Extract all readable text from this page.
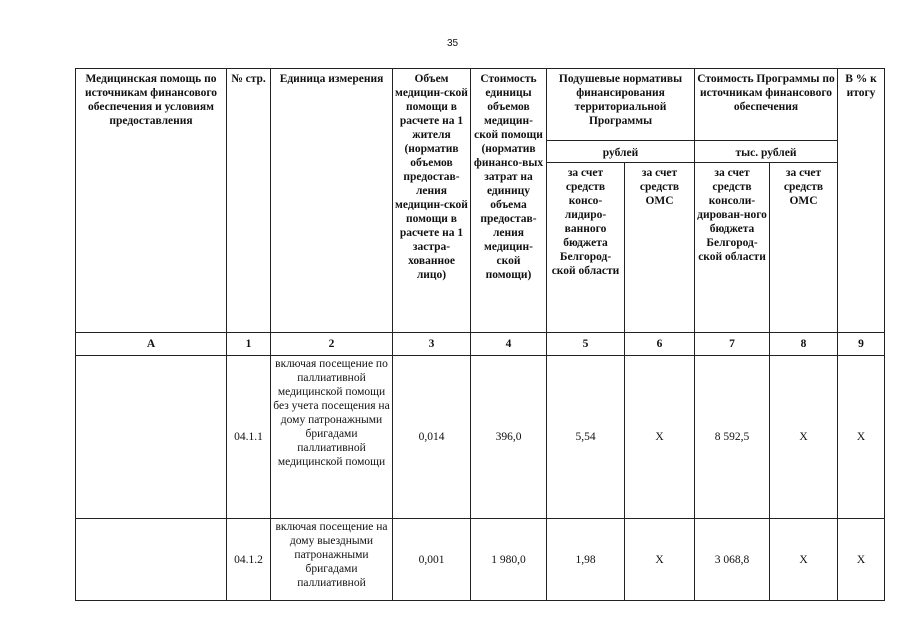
35
Медицинская помощь по источникам финансового обеспечения и условиям предоставления	№ стр.	Единица измерения	Объем медицин-ской помощи в расчете на 1 жителя (норматив объемов предостав-ления медицин-ской помощи в расчете на 1 застра-хованное лицо)	Стоимость единицы объемов медицин-ской помощи (норматив финансо-вых затрат на единицу объема предостав-ления медицин-ской помощи)	Подушевые нормативы финансирования территориальной Программы		Стоимость Программы по источникам финансового обеспечения		В % к итогу
					рублей		тыс. рублей		
					за счет средств консо-лидиро-ванного бюджета Белгород-ской области	за счет средств ОМС	за счет средств консоли-дирован-ного бюджета Белгород-ской области	за счет средств ОМС	
А	1	2	3	4	5	6	7	8	9
	04.1.1	включая посещение по паллиативной медицинской помощи без учета посещения на дому патронажными бригадами паллиативной медицинской помощи	0,014	396,0	5,54	X	8 592,5	X	X
	04.1.2	включая посещение на дому выездными патронажными бригадами паллиативной	0,001	1 980,0	1,98	X	3 068,8	X	X
